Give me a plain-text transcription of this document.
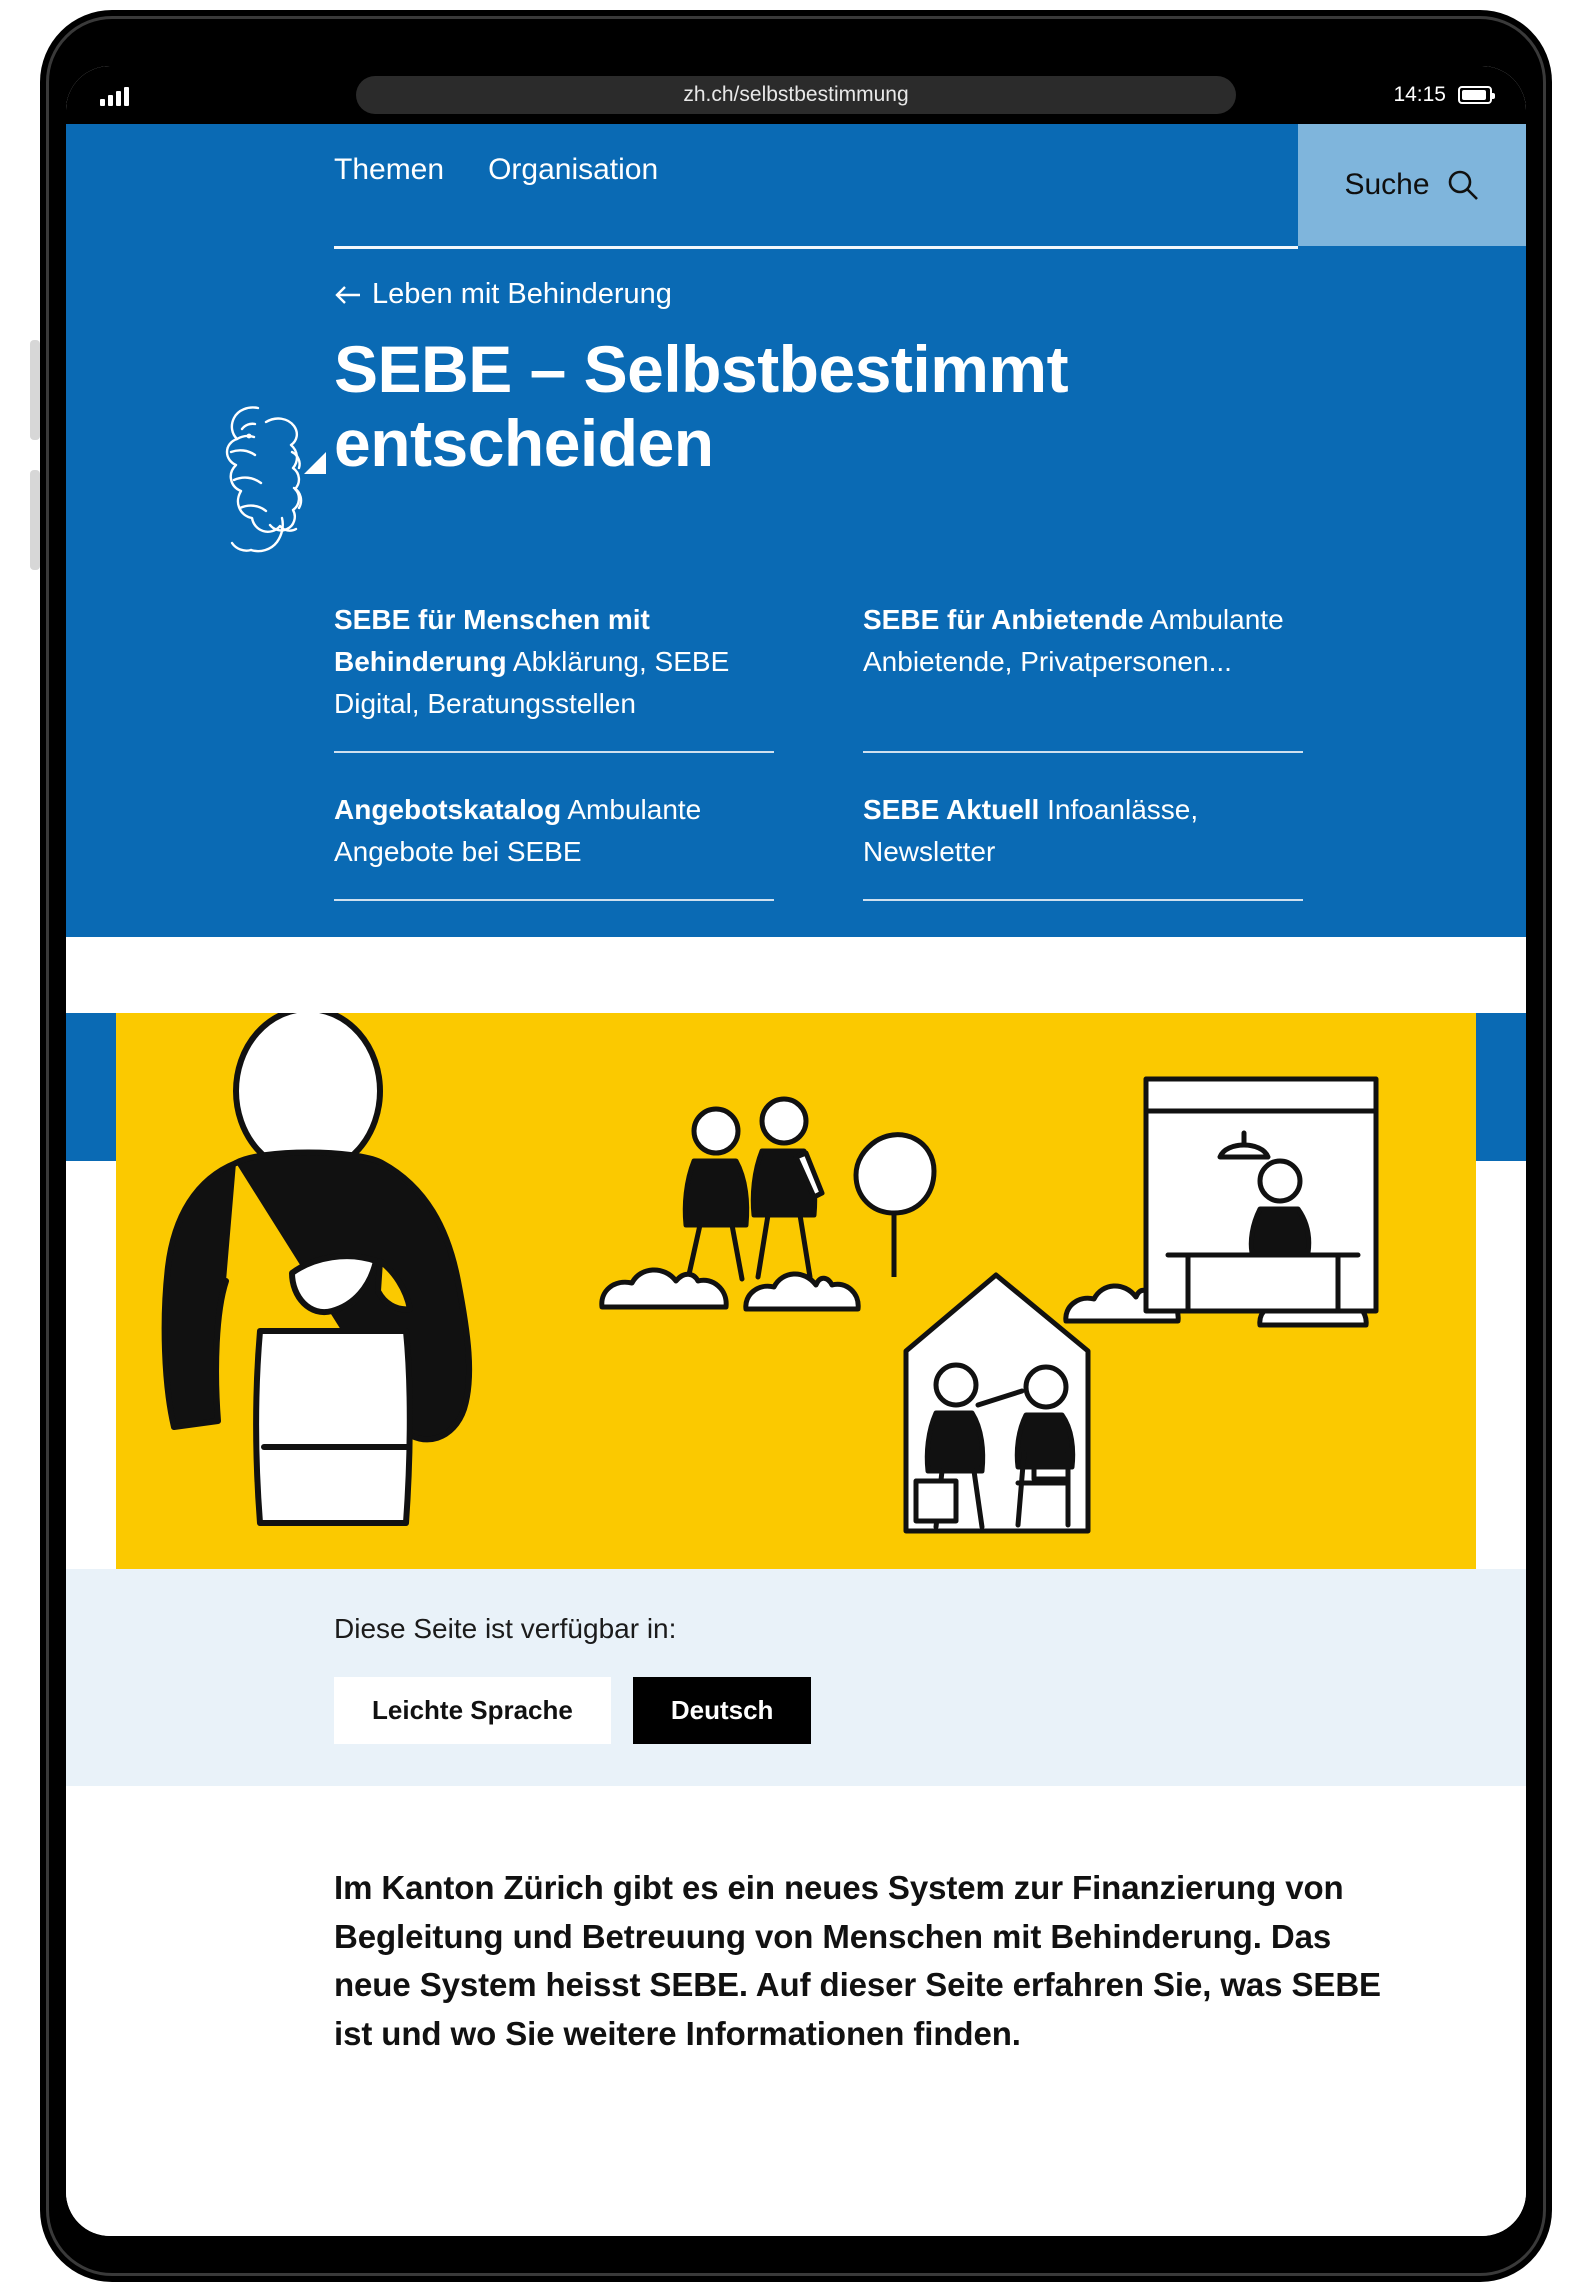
zh.ch/selbstbestimmung	14:15
Themen Organisation	Suche
Leben mit Behinderung
SEBE – Selbstbestimmt entscheiden
SEBE für Menschen mit Behinderung Abklärung, SEBE Digital, Beratungsstellen
SEBE für Anbietende Ambulante Anbietende, Privatpersonen...
Angebotskatalog Ambulante Angebote bei SEBE
SEBE Aktuell Infoanlässe, Newsletter
Diese Seite ist verfügbar in:
Leichte Sprache	Deutsch
Im Kanton Zürich gibt es ein neues System zur Finanzierung von Begleitung und Betreuung von Menschen mit Behinderung. Das neue System heisst SEBE. Auf dieser Seite erfahren Sie, was SEBE ist und wo Sie weitere Informationen finden.
